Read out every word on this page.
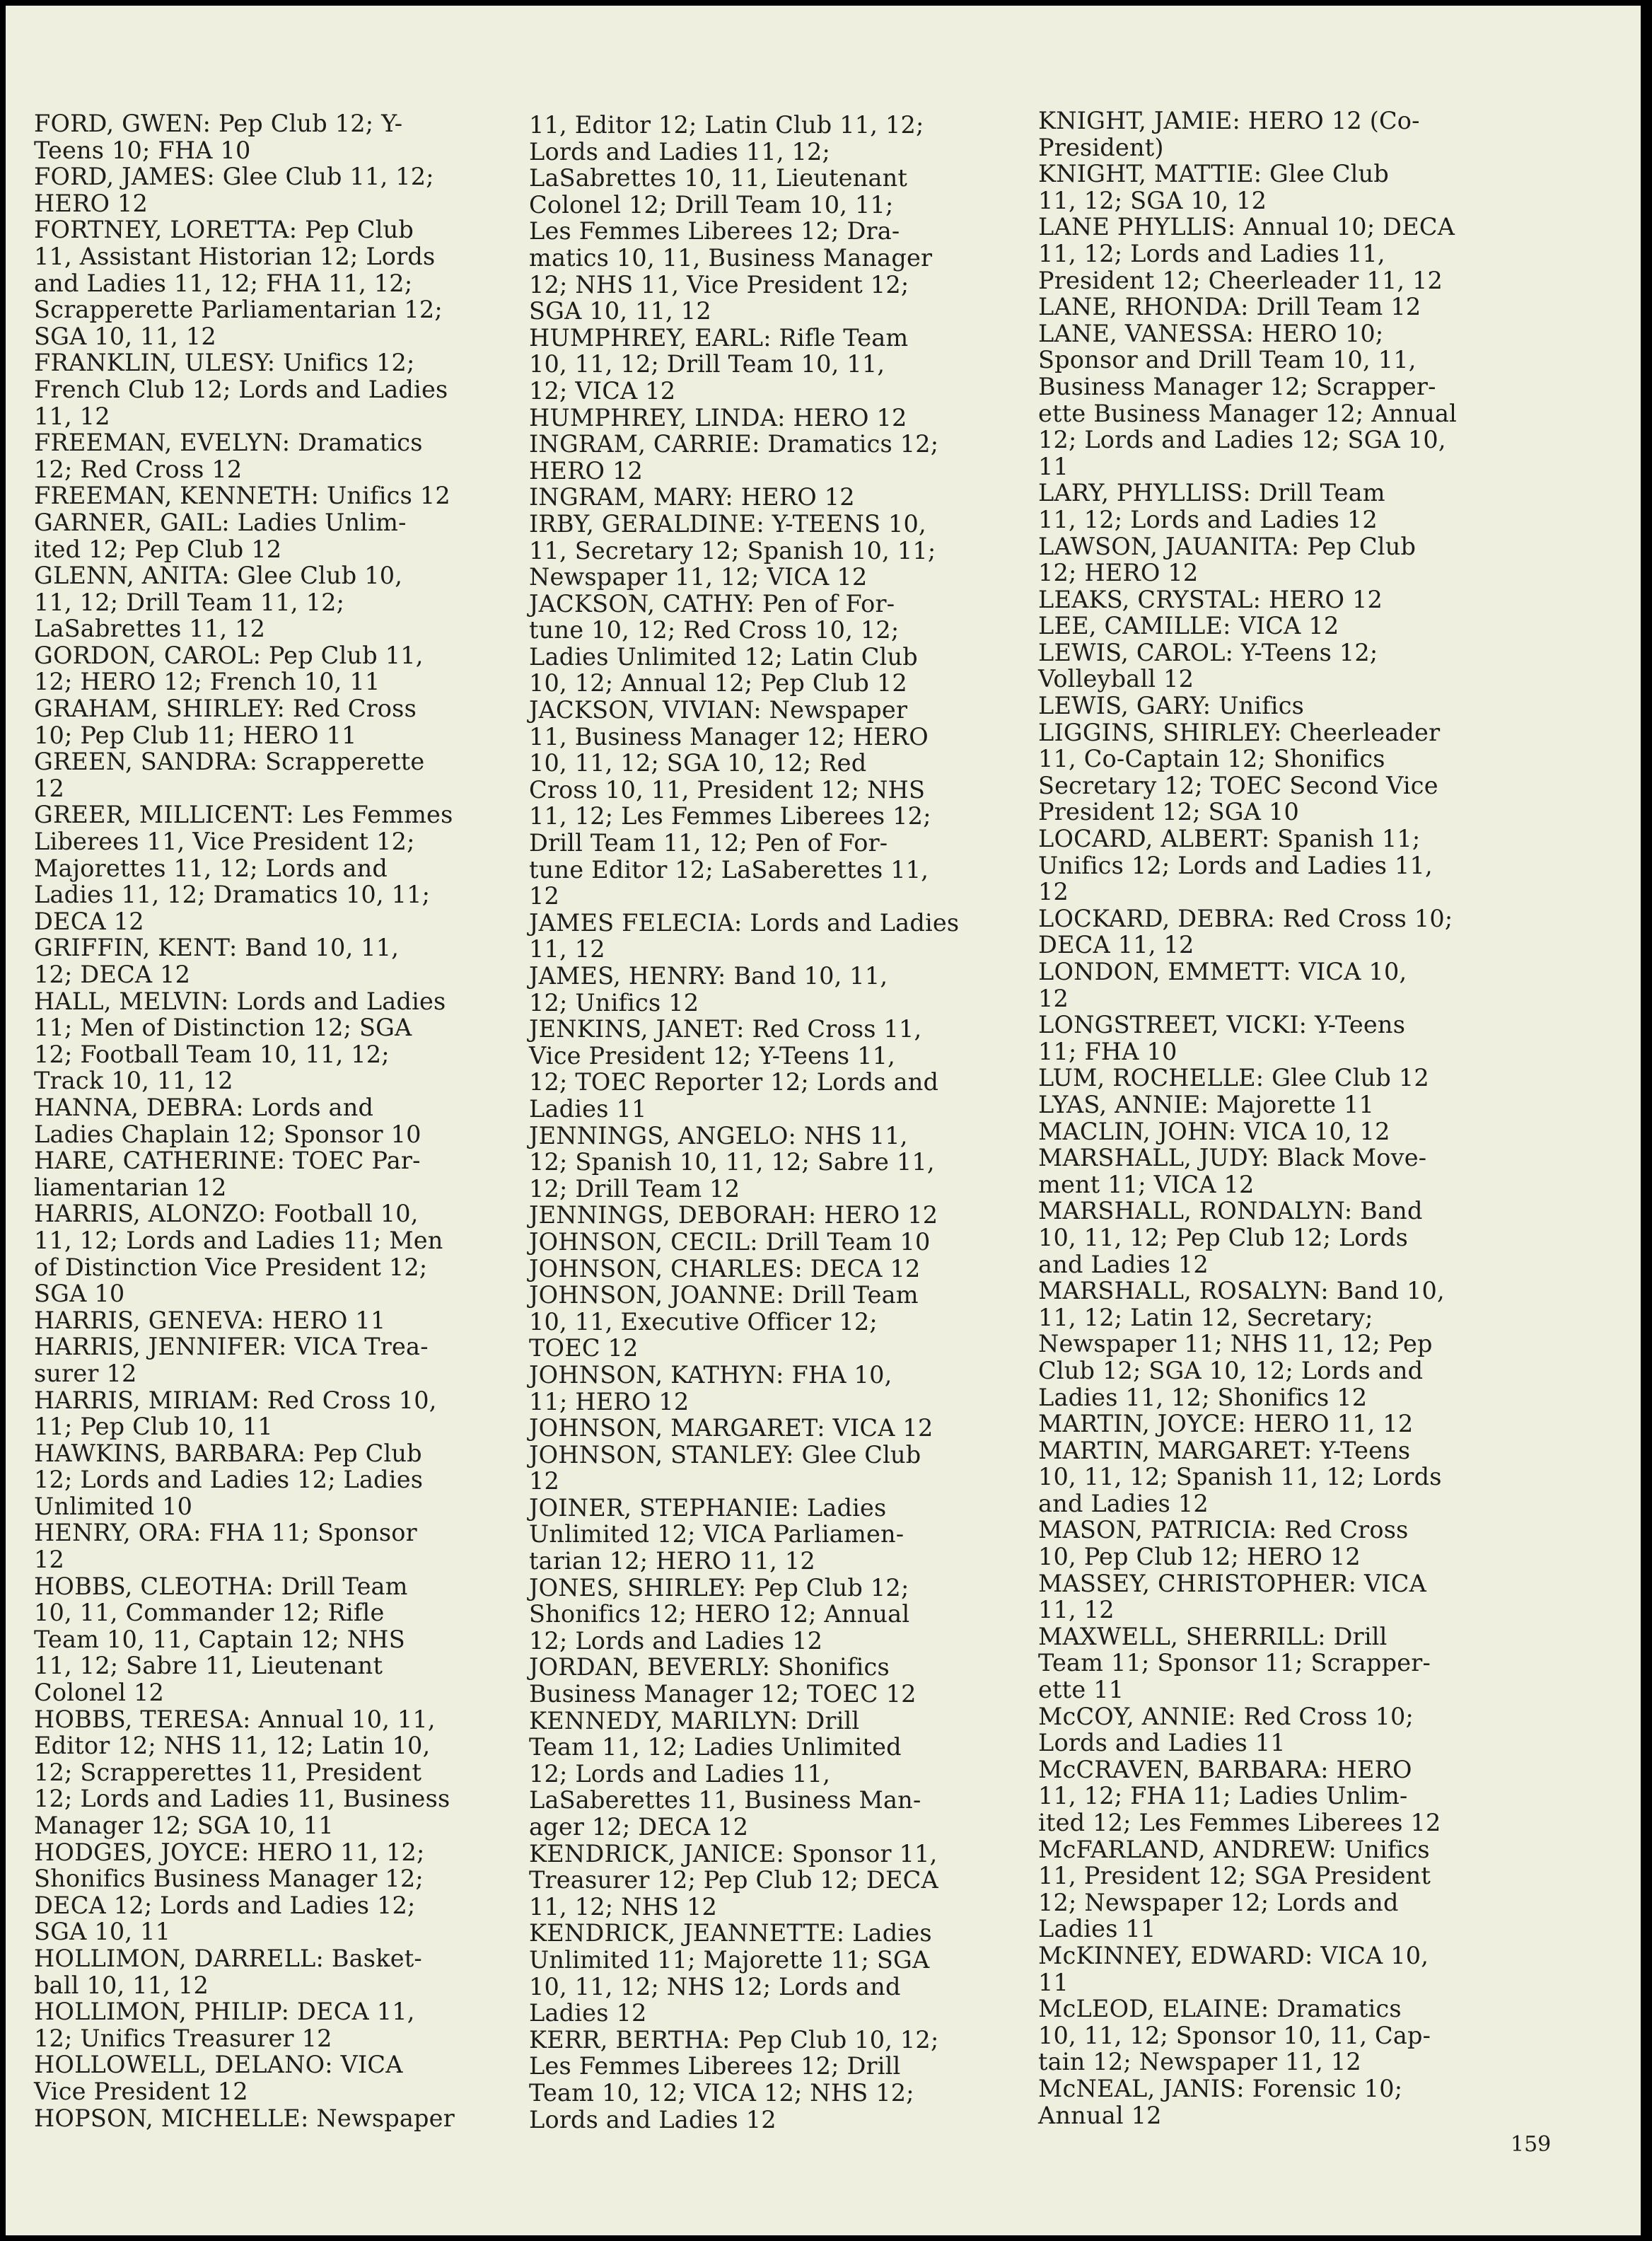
FORD, GWEN: Pep Club 12; Y-
Teens 10; FHA 10
FORD, JAMES: Glee Club 11, 12;
HERO 12
FORTNEY, LORETTA: Pep Club
11, Assistant Historian 12; Lords
and Ladies 11, 12; FHA 11, 12;
Scrapperette Parliamentarian 12;
SGA 10, 11, 12
FRANKLIN, ULESY: Unifics 12;
French Club 12; Lords and Ladies
11, 12
FREEMAN, EVELYN: Dramatics
12; Red Cross 12
FREEMAN, KENNETH: Unifics 12
GARNER, GAIL: Ladies Unlim-
ited 12; Pep Club 12
GLENN, ANITA: Glee Club 10,
11, 12; Drill Team 11, 12;
LaSabrettes 11, 12
GORDON, CAROL: Pep Club 11,
12; HERO 12; French 10, 11
GRAHAM, SHIRLEY: Red Cross
10; Pep Club 11; HERO 11
GREEN, SANDRA: Scrapperette
12
GREER, MILLICENT: Les Femmes
Liberees 11, Vice President 12;
Majorettes 11, 12; Lords and
Ladies 11, 12; Dramatics 10, 11;
DECA 12
GRIFFIN, KENT: Band 10, 11,
12; DECA 12
HALL, MELVIN: Lords and Ladies
11; Men of Distinction 12; SGA
12; Football Team 10, 11, 12;
Track 10, 11, 12
HANNA, DEBRA: Lords and
Ladies Chaplain 12; Sponsor 10
HARE, CATHERINE: TOEC Par-
liamentarian 12
HARRIS, ALONZO: Football 10,
11, 12; Lords and Ladies 11; Men
of Distinction Vice President 12;
SGA 10
HARRIS, GENEVA: HERO 11
HARRIS, JENNIFER: VICA Trea-
surer 12
HARRIS, MIRIAM: Red Cross 10,
11; Pep Club 10, 11
HAWKINS, BARBARA: Pep Club
12; Lords and Ladies 12; Ladies
Unlimited 10
HENRY, ORA: FHA 11; Sponsor
12
HOBBS, CLEOTHA: Drill Team
10, 11, Commander 12; Rifle
Team 10, 11, Captain 12; NHS
11, 12; Sabre 11, Lieutenant
Colonel 12
HOBBS, TERESA: Annual 10, 11,
Editor 12; NHS 11, 12; Latin 10,
12; Scrapperettes 11, President
12; Lords and Ladies 11, Business
Manager 12; SGA 10, 11
HODGES, JOYCE: HERO 11, 12;
Shonifics Business Manager 12;
DECA 12; Lords and Ladies 12;
SGA 10, 11
HOLLIMON, DARRELL: Basket-
ball 10, 11, 12
HOLLIMON, PHILIP: DECA 11,
12; Unifics Treasurer 12
HOLLOWELL, DELANO: VICA
Vice President 12
HOPSON, MICHELLE: Newspaper
11, Editor 12; Latin Club 11, 12;
Lords and Ladies 11, 12;
LaSabrettes 10, 11, Lieutenant
Colonel 12; Drill Team 10, 11;
Les Femmes Liberees 12; Dra-
matics 10, 11, Business Manager
12; NHS 11, Vice President 12;
SGA 10, 11, 12
HUMPHREY, EARL: Rifle Team
10, 11, 12; Drill Team 10, 11,
12; VICA 12
HUMPHREY, LINDA: HERO 12
INGRAM, CARRIE: Dramatics 12;
HERO 12
INGRAM, MARY: HERO 12
IRBY, GERALDINE: Y-TEENS 10,
11, Secretary 12; Spanish 10, 11;
Newspaper 11, 12; VICA 12
JACKSON, CATHY: Pen of For-
tune 10, 12; Red Cross 10, 12;
Ladies Unlimited 12; Latin Club
10, 12; Annual 12; Pep Club 12
JACKSON, VIVIAN: Newspaper
11, Business Manager 12; HERO
10, 11, 12; SGA 10, 12; Red
Cross 10, 11, President 12; NHS
11, 12; Les Femmes Liberees 12;
Drill Team 11, 12; Pen of For-
tune Editor 12; LaSaberettes 11,
12
JAMES FELECIA: Lords and Ladies
11, 12
JAMES, HENRY: Band 10, 11,
12; Unifics 12
JENKINS, JANET: Red Cross 11,
Vice President 12; Y-Teens 11,
12; TOEC Reporter 12; Lords and
Ladies 11
JENNINGS, ANGELO: NHS 11,
12; Spanish 10, 11, 12; Sabre 11,
12; Drill Team 12
JENNINGS, DEBORAH: HERO 12
JOHNSON, CECIL: Drill Team 10
JOHNSON, CHARLES: DECA 12
JOHNSON, JOANNE: Drill Team
10, 11, Executive Officer 12;
TOEC 12
JOHNSON, KATHYN: FHA 10,
11; HERO 12
JOHNSON, MARGARET: VICA 12
JOHNSON, STANLEY: Glee Club
12
JOINER, STEPHANIE: Ladies
Unlimited 12; VICA Parliamen-
tarian 12; HERO 11, 12
JONES, SHIRLEY: Pep Club 12;
Shonifics 12; HERO 12; Annual
12; Lords and Ladies 12
JORDAN, BEVERLY: Shonifics
Business Manager 12; TOEC 12
KENNEDY, MARILYN: Drill
Team 11, 12; Ladies Unlimited
12; Lords and Ladies 11,
LaSaberettes 11, Business Man-
ager 12; DECA 12
KENDRICK, JANICE: Sponsor 11,
Treasurer 12; Pep Club 12; DECA
11, 12; NHS 12
KENDRICK, JEANNETTE: Ladies
Unlimited 11; Majorette 11; SGA
10, 11, 12; NHS 12; Lords and
Ladies 12
KERR, BERTHA: Pep Club 10, 12;
Les Femmes Liberees 12; Drill
Team 10, 12; VICA 12; NHS 12;
Lords and Ladies 12
KNIGHT, JAMIE: HERO 12 (Co-
President)
KNIGHT, MATTIE: Glee Club
11, 12; SGA 10, 12
LANE PHYLLIS: Annual 10; DECA
11, 12; Lords and Ladies 11,
President 12; Cheerleader 11, 12
LANE, RHONDA: Drill Team 12
LANE, VANESSA: HERO 10;
Sponsor and Drill Team 10, 11,
Business Manager 12; Scrapper-
ette Business Manager 12; Annual
12; Lords and Ladies 12; SGA 10,
11
LARY, PHYLLISS: Drill Team
11, 12; Lords and Ladies 12
LAWSON, JAUANITA: Pep Club
12; HERO 12
LEAKS, CRYSTAL: HERO 12
LEE, CAMILLE: VICA 12
LEWIS, CAROL: Y-Teens 12;
Volleyball 12
LEWIS, GARY: Unifics
LIGGINS, SHIRLEY: Cheerleader
11, Co-Captain 12; Shonifics
Secretary 12; TOEC Second Vice
President 12; SGA 10
LOCARD, ALBERT: Spanish 11;
Unifics 12; Lords and Ladies 11,
12
LOCKARD, DEBRA: Red Cross 10;
DECA 11, 12
LONDON, EMMETT: VICA 10,
12
LONGSTREET, VICKI: Y-Teens
11; FHA 10
LUM, ROCHELLE: Glee Club 12
LYAS, ANNIE: Majorette 11
MACLIN, JOHN: VICA 10, 12
MARSHALL, JUDY: Black Move-
ment 11; VICA 12
MARSHALL, RONDALYN: Band
10, 11, 12; Pep Club 12; Lords
and Ladies 12
MARSHALL, ROSALYN: Band 10,
11, 12; Latin 12, Secretary;
Newspaper 11; NHS 11, 12; Pep
Club 12; SGA 10, 12; Lords and
Ladies 11, 12; Shonifics 12
MARTIN, JOYCE: HERO 11, 12
MARTIN, MARGARET: Y-Teens
10, 11, 12; Spanish 11, 12; Lords
and Ladies 12
MASON, PATRICIA: Red Cross
10, Pep Club 12; HERO 12
MASSEY, CHRISTOPHER: VICA
11, 12
MAXWELL, SHERRILL: Drill
Team 11; Sponsor 11; Scrapper-
ette 11
McCOY, ANNIE: Red Cross 10;
Lords and Ladies 11
McCRAVEN, BARBARA: HERO
11, 12; FHA 11; Ladies Unlim-
ited 12; Les Femmes Liberees 12
McFARLAND, ANDREW: Unifics
11, President 12; SGA President
12; Newspaper 12; Lords and
Ladies 11
McKINNEY, EDWARD: VICA 10,
11
McLEOD, ELAINE: Dramatics
10, 11, 12; Sponsor 10, 11, Cap-
tain 12; Newspaper 11, 12
McNEAL, JANIS: Forensic 10;
Annual 12
159
